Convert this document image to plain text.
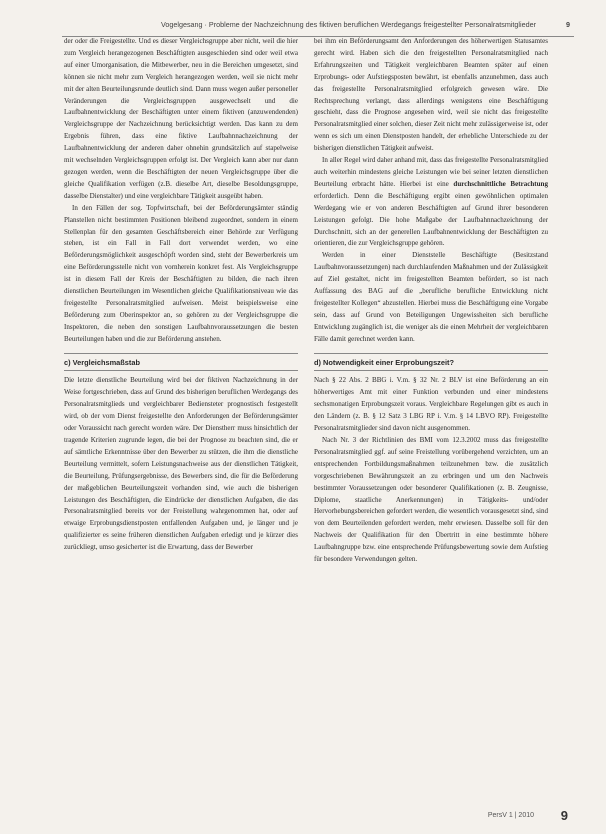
Vogelgesang · Probleme der Nachzeichnung des fiktiven beruflichen Werdegangs freigestellter Personalratsmitglieder	9

der oder die Freigestellte. Und es dieser Vergleichsgruppe aber nicht, weil die hier zum Vergleich herangezogenen Beschäftigten ausgeschieden sind oder weil etwa auf einer Umorganisation, die Mitbewerber, neu in die Bereichen umgesetzt, sind können sie nicht mehr zum Vergleich herangezogen werden, weil sie nicht mehr mit der alten Beurteilungsrunde deutlich sind. Dann muss wegen außer personeller Veränderungen die Vergleichsgruppen ausgewechselt und die Laufbahnentwicklung der Beschäftigten unter einem fiktiven (anzuwendenden) Vergleichsgruppe der Nachzeichnung berücksichtigt werden. Das kann zu dem Ergebnis führen, dass eine fiktive Laufbahnnachzeichnung der Laufbahnentwicklung der anderen daher ohnehin grundsätzlich auf stapelweise mit wechselnden Vergleichsgruppen erfolgt ist. Der Vergleich kann aber nur dann gezogen werden, wenn die Beschäftigten der neuen Vergleichsgruppe über die gleiche Qualifikation verfügen (z.B. dieselbe Art, dieselbe Besoldungsgruppe, dasselbe Dienstalter) und eine vergleichbare Tätigkeit ausgeübt haben.

In den Fällen der sog. Topfwirtschaft, bei der Beförderungsämter ständig Planstellen nicht bestimmten Positionen bleibend zugeordnet, sondern in einem Stellenplan für den gesamten Geschäftsbereich einer Behörde zur Verfügung stehen, ist ein Fall in Fall dort verwendet werden, wo eine Beförderungsmöglichkeit ausgeschöpft worden sind, steht der Bewerberkreis um eine Beförderungsstelle nicht von vornherein konkret fest. Als Vergleichsgruppe ist in diesem Fall der Kreis der Beschäftigten zu bilden, die nach ihren dienstlichen Beurteilungen im Wesentlichen gleiche Qualifikationsniveau wie das freigestellte Personalratsmitglied aufweisen. Meist beispielsweise eine Beförderung zum Oberinspektor an, so gehören zu der Vergleichsgruppe die Inspektoren, die neben den sonstigen Laufbahnvoraussetzungen die besten Beurteilungen haben und die zur Beförderung anstehen.

c) Vergleichsmaßstab

Die letzte dienstliche Beurteilung wird bei der fiktiven Nachzeichnung in der Weise fortgeschrieben, dass auf Grund des bisherigen beruflichen Werdegangs des Personalratsmitglieds und vergleichbarer Bediensteter prognostisch festgestellt wird, ob der vom Dienst freigestellte den Anforderungen der Beförderungsämter oder Voraussicht nach gerecht worden wäre. Der Dienstherr muss hinsichtlich der tragende Kriterien zugrunde legen, die bei der Prognose zu beachten sind, die er auf sämtliche Erkenntnisse über den Bewerber zu stützen, die ihm die dienstliche Beurteilung vermittelt, sofern Leistungsnachweise aus der dienstlichen Tätigkeit, die Beurteilung, Prüfungsergebnisse, des Bewerbers sind, die für die Beförderung der maßgeblichen Beurteilungszeit vorhanden sind, wie auch die bisherigen Leistungen des Beschäftigten, die Eindrücke der dienstlichen Aufgaben, die das Personalratsmitglied bereits vor der Freistellung wahrgenommen hat, oder auf etwaige Erprobungsdienstposten entfallenden Aufgaben und, je länger und je qualifizierter es seine früheren dienstlichen Aufgaben erledigt und je kürzer dies zurückliegt, umso gesicherter ist die Erwartung, dass der Bewerber

bei ihm ein Beförderungsamt den Anforderungen des höherwertigen Statusamtes gerecht wird. Haben sich die den freigestellten Personalratsmitglied nach Erfahrungszeiten und Tätigkeit vergleichbaren Beamten später auf einen Erprobungs- oder Aufstiegsposten bewährt, ist ebenfalls anzunehmen, dass auch das freigestellte Personalratsmitglied erfolgreich gewesen wäre. Die Rechtsprechung verlangt, dass allerdings wenigstens eine Beschäftigung geschieht, dass die Prognose angesehen wird, weil sie nicht das freigestellte Personalratsmitglied einer solchen, dieser Zeit nicht mehr zulässigerweise ist, oder wenn es sich um einen Dienstposten handelt, der erhebliche Unterschiede zu der bisherigen dienstlichen Tätigkeit aufweist.

In aller Regel wird daher anhand mit, dass das freigestellte Personalratsmitglied auch weiterhin mindestens gleiche Leistungen wie bei seiner letzten dienstlichen Beurteilung erbracht hätte. Hierbei ist eine durchschnittliche Betrachtung erforderlich. Denn die Beschäftigung ergibt einen gewöhnlichen optimalen Werdegang wie er von anderen Beschäftigten auf Grund ihrer besonderen Leistungen gefolgt. Die hohe Maßgabe der Laufbahnnachzeichnung der Durchschnitt, sich an der generellen Laufbahnentwicklung der Beschäftigten zu orientieren, die zur Vergleichsgruppe gehören.

Werden in einer Dienststelle Beschäftigte (Besitzstand Laufbahnvoraussetzungen) nach durchlaufenden Maßnahmen und der Zulässigkeit auf Ziel gestaltet, nicht im freigestellten Beamten befördert, so ist nach Auffassung des BAG auf die „berufliche berufliche Entwicklung nicht freigestellter Kollegen“ abzustellen. Hierbei muss die Beschäftigung eine Vorgabe sein, dass auf Grund von Beteiligungen Ungewissheiten sich berufliche Entwicklung zugänglich ist, die weniger als die einen Mehrheit der vergleichbaren Fälle damit gerechnet werden kann.

d) Notwendigkeit einer Erprobungszeit?

Nach § 22 Abs. 2 BBG i. V.m. § 32 Nr. 2 BLV ist eine Beförderung an ein höherwertiges Amt mit einer Funktion verbunden und einer mindestens sechsmonatigen Erprobungszeit voraus. Vergleichbare Regelungen gibt es auch in den Ländern (z. B. § 12 Satz 3 LBG RP i. V.m. § 14 LBVO RP). Freigestellte Personalratsmitglieder sind davon nicht ausgenommen.

Nach Nr. 3 der Richtlinien des BMI vom 12.3.2002 muss das freigestellte Personalratsmitglied ggf. auf seine Freistellung vorübergehend verzichten, um an entsprechenden Fortbildungsmaßnahmen teilzunehmen bzw. die zusätzlich vorgeschriebenen Bewährungszeit an zu erbringen und um den Nachweis bestimmter Voraussetzungen oder besonderer Qualifikationen (z. B. Zeugnisse, Diplome, staatliche Anerkennungen) in Tätigkeits- und/oder Hervorhebungsbereichen gefordert werden, die wesentlich vorausgesetzt sind, sind von dem Beurteilenden gefordert werden, mehr erwiesen. Dasselbe soll für den Nachweis der Qualifikation für den Übertritt in eine bestimmte höhere Laufbahngruppe bzw. eine entsprechende Prüfungsbewertung sowie dem Aufstieg für besondere Verwendungen gelten.

PersV 1 | 2010 9
